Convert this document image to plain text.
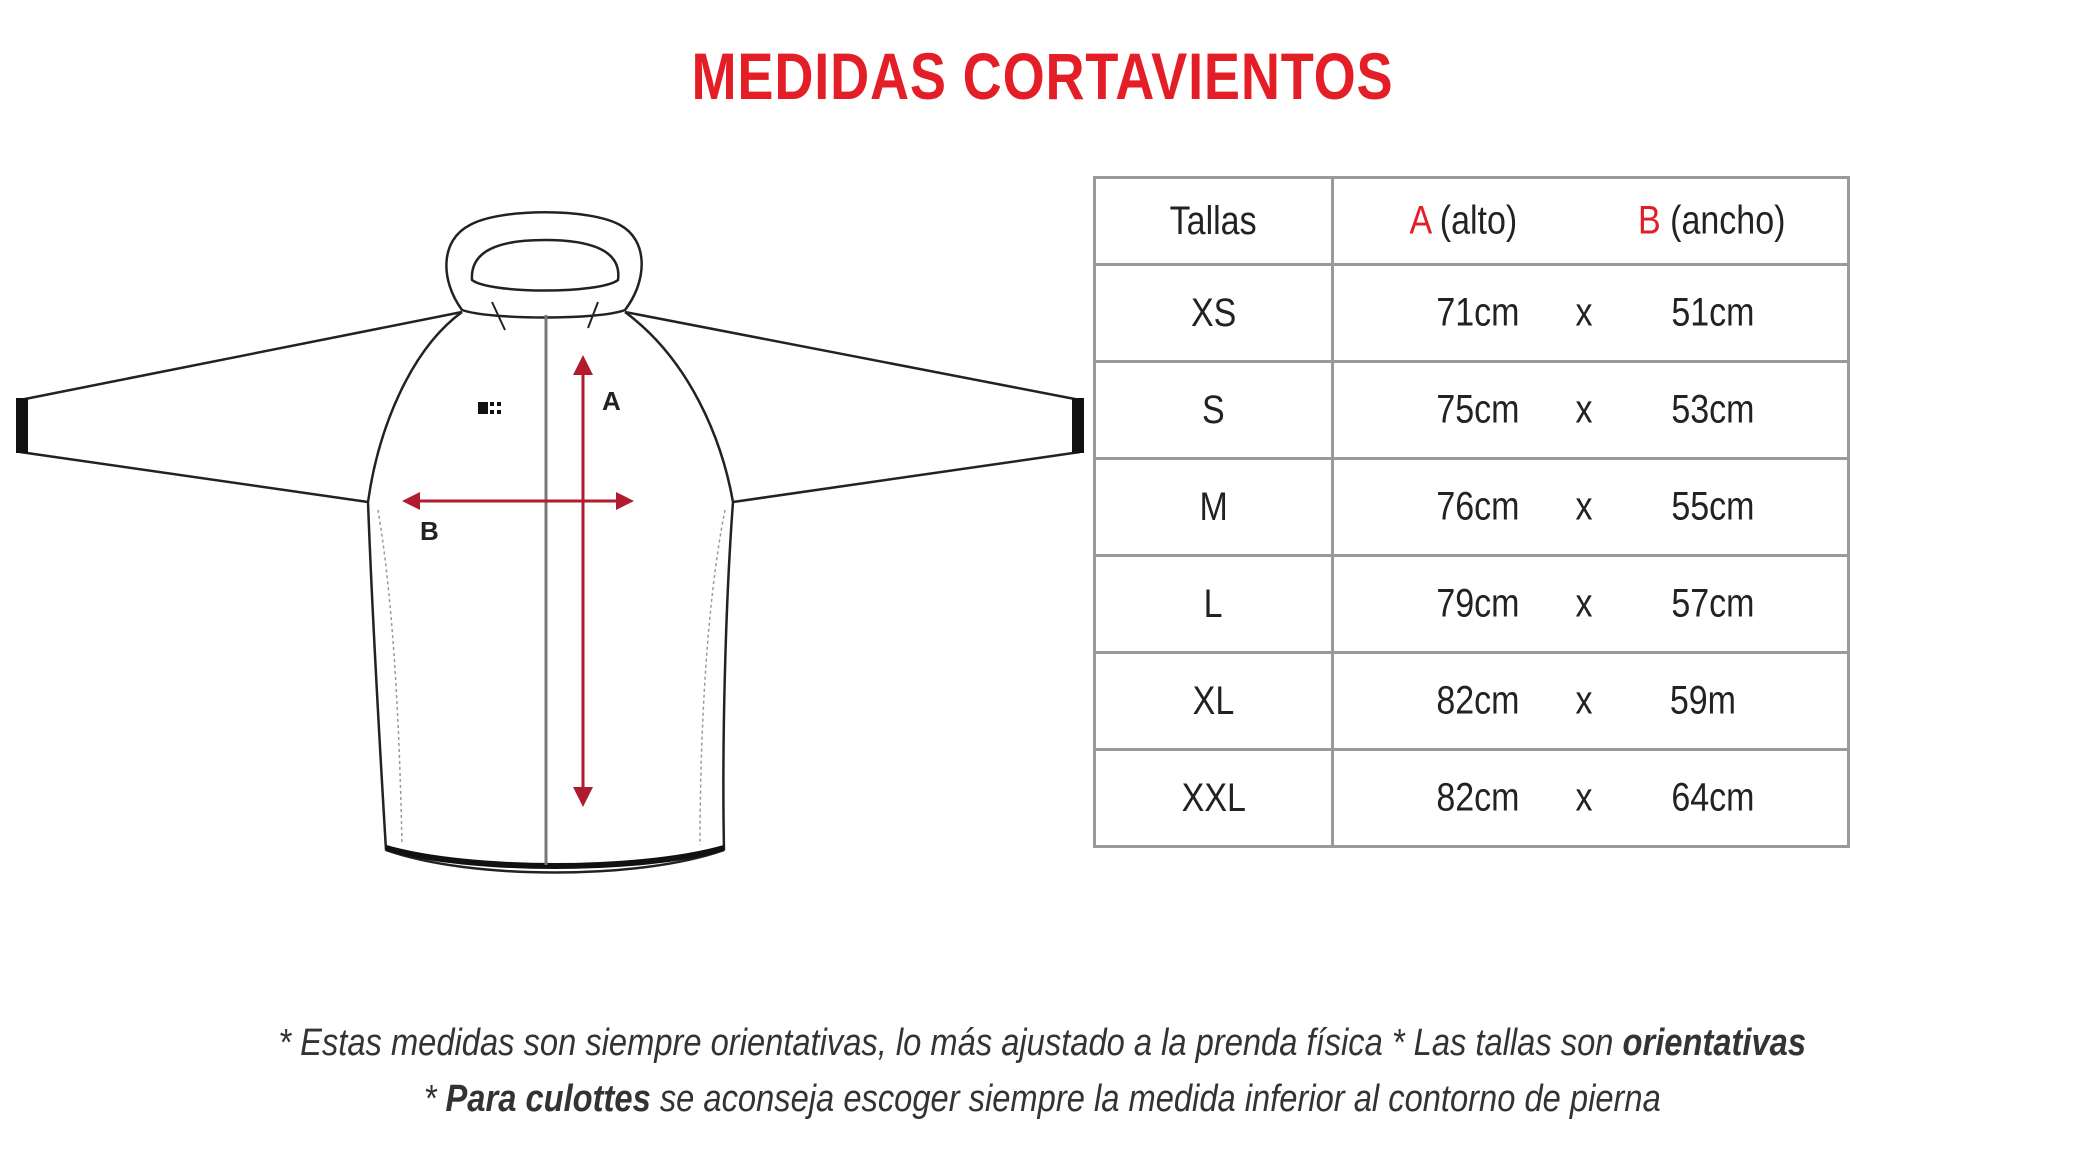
MEDIDAS CORTAVIENTOS
A
B
Tallas	A (alto) B (ancho)

XS	71cm x 51cm

S	75cm x 53cm

M	76cm x 55cm

L	79cm x 57cm

XL	82cm x 59m

XXL	82cm x 64cm
* Estas medidas son siempre orientativas, lo más ajustado a la prenda física * Las tallas son orientativas
* Para culottes se aconseja escoger siempre la medida inferior al contorno de pierna
